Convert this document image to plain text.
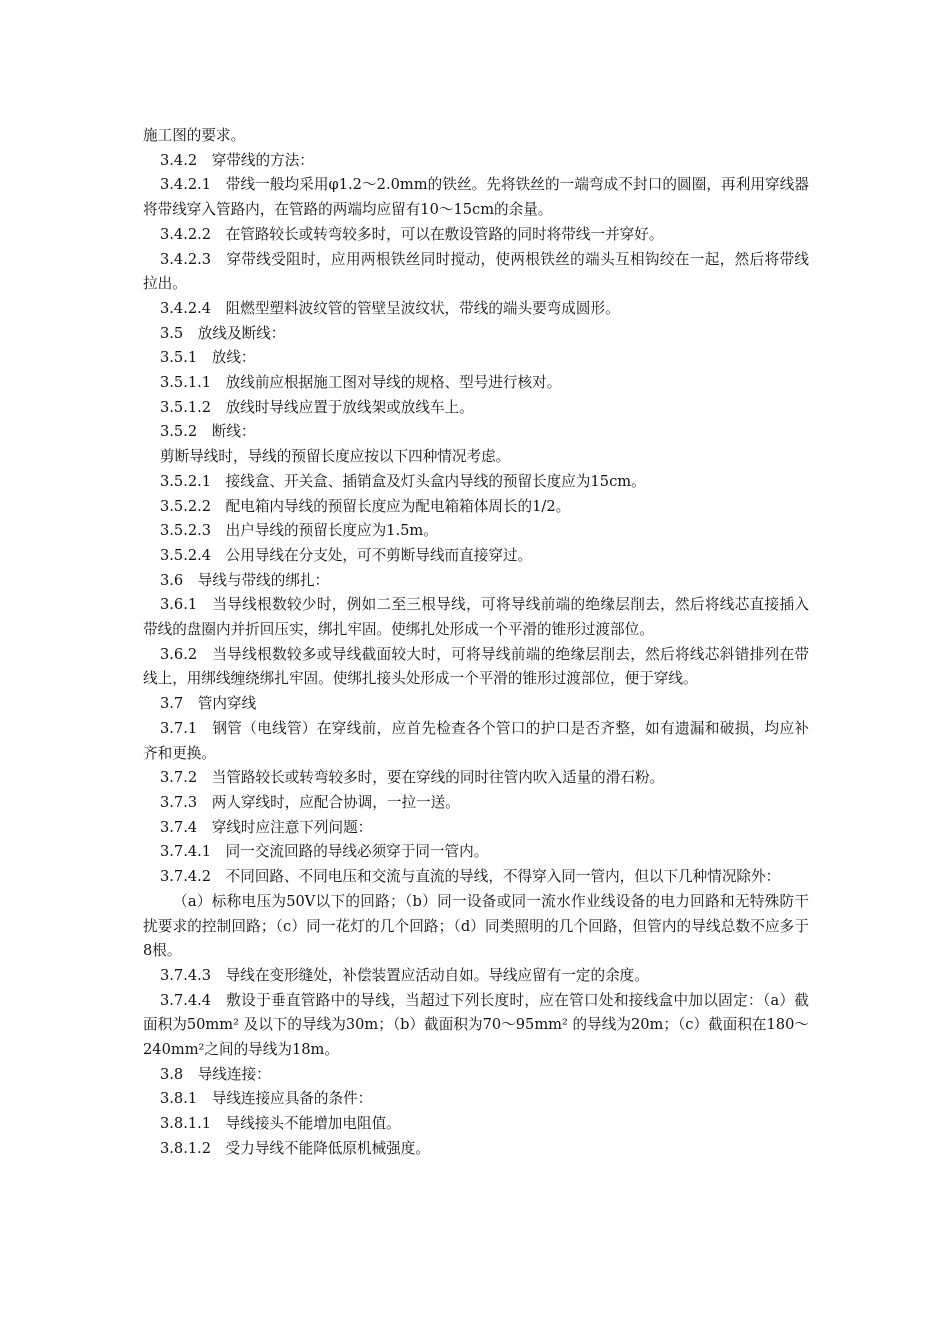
施工图的要求。

3.4.2　穿带线的方法：

3.4.2.1　带线一般均采用φ1.2～2.0mm的铁丝。先将铁丝的一端弯成不封口的圆圈，再利用穿线器将带线穿入管路内，在管路的两端均应留有10～15cm的余量。

3.4.2.2　在管路较长或转弯较多时，可以在敷设管路的同时将带线一并穿好。

3.4.2.3　穿带线受阻时，应用两根铁丝同时搅动，使两根铁丝的端头互相钩绞在一起，然后将带线拉出。

3.4.2.4　阻燃型塑料波纹管的管壁呈波纹状，带线的端头要弯成圆形。

3.5　放线及断线：

3.5.1　放线：

3.5.1.1　放线前应根据施工图对导线的规格、型号进行核对。

3.5.1.2　放线时导线应置于放线架或放线车上。

3.5.2　断线：

剪断导线时，导线的预留长度应按以下四种情况考虑。

3.5.2.1　接线盒、开关盒、插销盒及灯头盒内导线的预留长度应为15cm。

3.5.2.2　配电箱内导线的预留长度应为配电箱箱体周长的1/2。

3.5.2.3　出户导线的预留长度应为1.5m。

3.5.2.4　公用导线在分支处，可不剪断导线而直接穿过。

3.6　导线与带线的绑扎：

3.6.1　当导线根数较少时，例如二至三根导线，可将导线前端的绝缘层削去，然后将线芯直接插入带线的盘圈内并折回压实，绑扎牢固。使绑扎处形成一个平滑的锥形过渡部位。

3.6.2　当导线根数较多或导线截面较大时，可将导线前端的绝缘层削去，然后将线芯斜错排列在带线上，用绑线缠绕绑扎牢固。使绑扎接头处形成一个平滑的锥形过渡部位，便于穿线。

3.7　管内穿线

3.7.1　钢管（电线管）在穿线前，应首先检查各个管口的护口是否齐整，如有遗漏和破损，均应补齐和更换。

3.7.2　当管路较长或转弯较多时，要在穿线的同时往管内吹入适量的滑石粉。

3.7.3　两人穿线时，应配合协调，一拉一送。

3.7.4　穿线时应注意下列问题：

3.7.4.1　同一交流回路的导线必须穿于同一管内。

3.7.4.2　不同回路、不同电压和交流与直流的导线，不得穿入同一管内，但以下几种情况除外：

（a）标称电压为50V以下的回路；（b）同一设备或同一流水作业线设备的电力回路和无特殊防干扰要求的控制回路；（c）同一花灯的几个回路；（d）同类照明的几个回路，但管内的导线总数不应多于8根。

3.7.4.3　导线在变形缝处，补偿装置应活动自如。导线应留有一定的余度。

3.7.4.4　敷设于垂直管路中的导线，当超过下列长度时，应在管口处和接线盒中加以固定：（a）截面积为50mm² 及以下的导线为30m；（b）截面积为70～95mm² 的导线为20m；（c）截面积在180～240mm²之间的导线为18m。

3.8　导线连接：

3.8.1　导线连接应具备的条件：

3.8.1.1　导线接头不能增加电阻值。

3.8.1.2　受力导线不能降低原机械强度。
